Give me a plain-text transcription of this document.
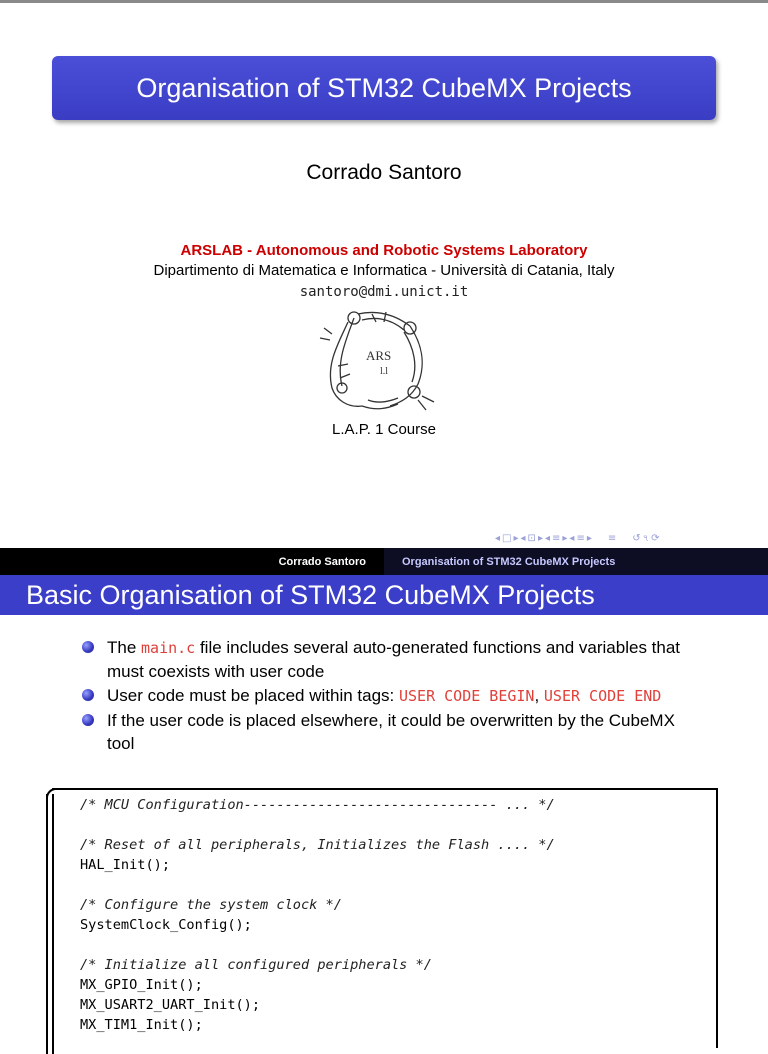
Organisation of STM32 CubeMX Projects
Corrado Santoro
ARSLAB - Autonomous and Robotic Systems Laboratory
Dipartimento di Matematica e Informatica - Università di Catania, Italy
santoro@dmi.unict.it
ARS
l.l
L.A.P. 1 Course
◂ □ ▸ ◂ ⊡ ▸ ◂ ≡ ▸ ◂ ≡ ▸ ≡ ↺ ৭ ⟳
Corrado Santoro	Organisation of STM32 CubeMX Projects
Basic Organisation of STM32 CubeMX Projects
The main.c file includes several auto-generated functions and variables that must coexists with user code
User code must be placed within tags: USER CODE BEGIN, USER CODE END
If the user code is placed elsewhere, it could be overwritten by the CubeMX tool
/* MCU Configuration------------------------------- ... */

/* Reset of all peripherals, Initializes the Flash .... */
HAL_Init();

/* Configure the system clock */
SystemClock_Config();

/* Initialize all configured peripherals */
MX_GPIO_Init();
MX_USART2_UART_Init();
MX_TIM1_Init();
